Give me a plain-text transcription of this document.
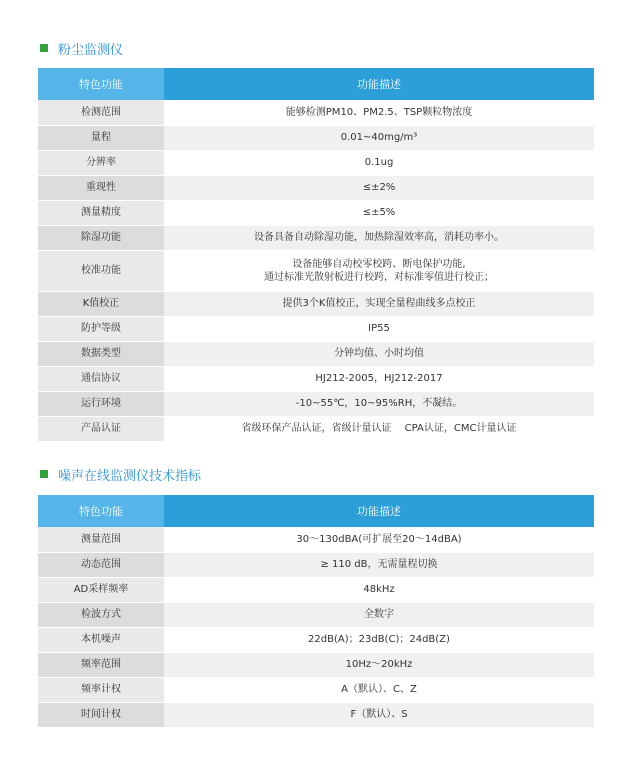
粉尘监测仪
特色功能	功能描述
检测范围	能够检测PM10、PM2.5、TSP颗粒物浓度
量程	0.01~40mg/m³
分辨率	0.1ug
重现性	≤±2%
测量精度	≤±5%
除湿功能	设备具备自动除湿功能，加热除湿效率高，消耗功率小。
校准功能	设备能够自动校零校跨、断电保护功能,
通过标准光散射板进行校跨，对标准零值进行校正；

K值校正	提供3个K值校正，实现全量程曲线多点校正
防护等级	IP55
数据类型	分钟均值、小时均值
通信协议	HJ212-2005，HJ212-2017
运行环境	-10~55℃，10~95%RH，不凝结。
产品认证	省级环保产品认证，省级计量认证　 CPA认证，CMC计量认证
噪声在线监测仪技术指标
特色功能	功能描述
测量范围	30～130dBA(可扩展至20～14dBA)
动态范围	≥ 110 dB，无需量程切换
AD采样频率	48kHz
检波方式	全数字
本机噪声	22dB(A)；23dB(C)；24dB(Z)
频率范围	10Hz～20kHz
频率计权	A（默认）、C、Z
时间计权	F（默认）、S
